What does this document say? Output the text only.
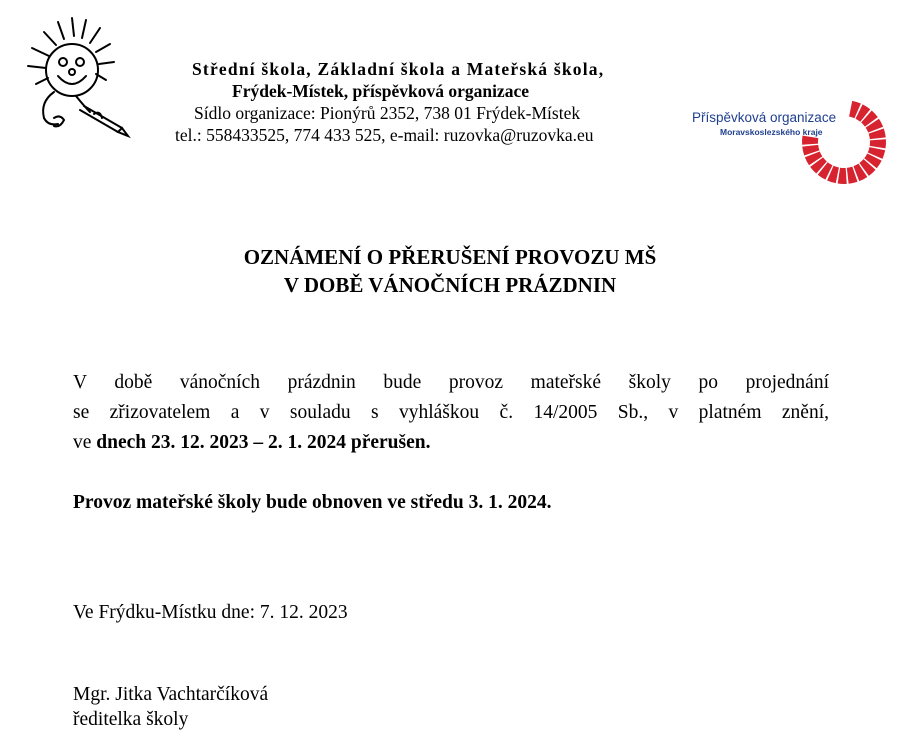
Střední škola, Základní škola a Mateřská škola,
Frýdek-Místek, příspěvková organizace
Sídlo organizace: Pionýrů 2352, 738 01 Frýdek-Místek
tel.: 558433525, 774 433 525, e-mail: ruzovka@ruzovka.eu
Příspěvková organizace
Moravskoslezského kraje
OZNÁMENÍ O PŘERUŠENÍ PROVOZU MŠ
V DOBĚ VÁNOČNÍCH PRÁZDNIN
V době vánočních prázdnin bude provoz mateřské školy po projednání
se zřizovatelem a v souladu s vyhláškou č. 14/2005 Sb., v platném znění,
ve dnech 23. 12. 2023 – 2. 1. 2024 přerušen.
Provoz mateřské školy bude obnoven ve středu 3. 1. 2024.
Ve Frýdku-Místku dne: 7. 12. 2023
Mgr. Jitka Vachtarčíková
ředitelka školy
